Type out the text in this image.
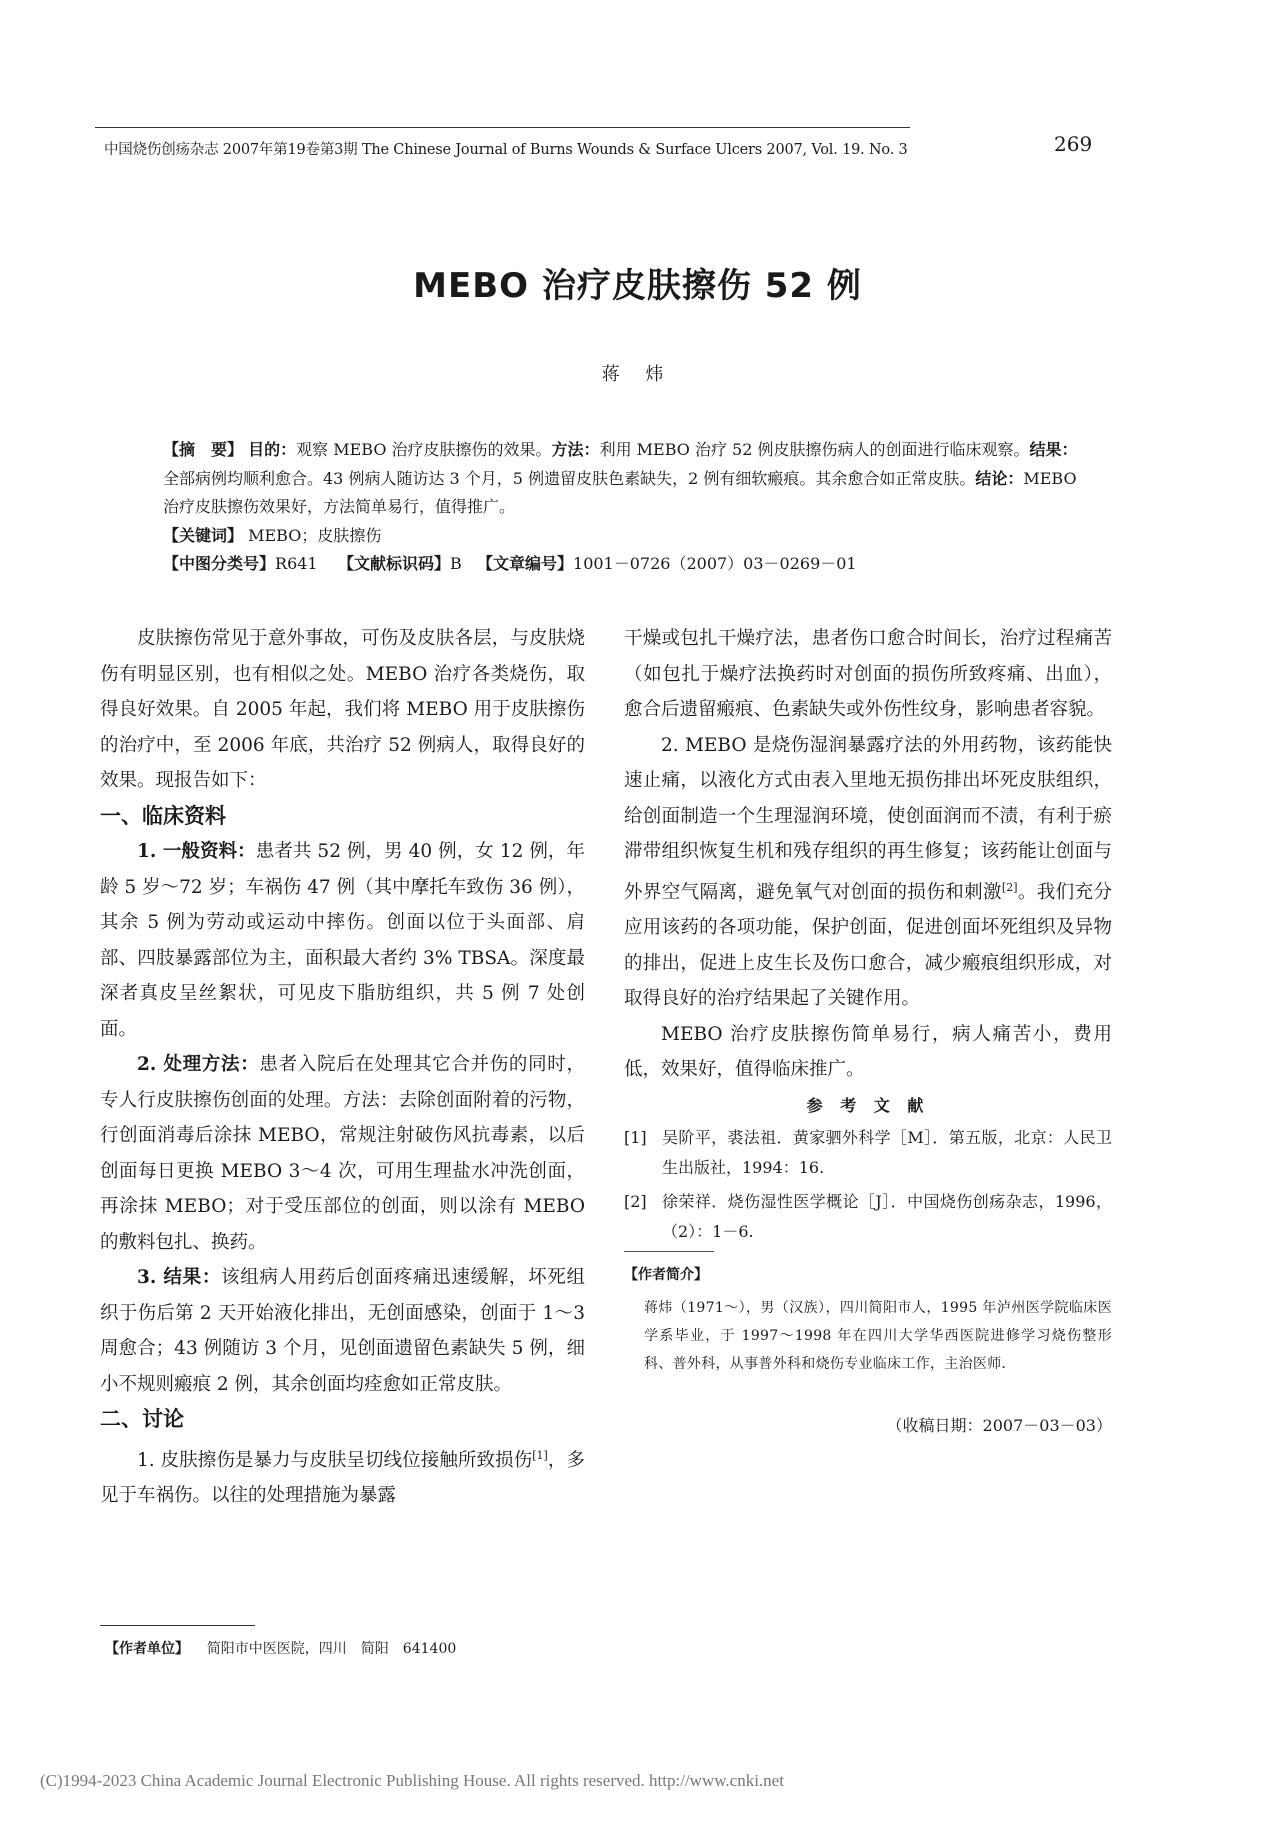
中国烧伤创疡杂志 2007年第19卷第3期 The Chinese Journal of Burns Wounds & Surface Ulcers 2007, Vol. 19. No. 3	269
MEBO 治疗皮肤擦伤 52 例
蒋 炜

【摘　要】 目的：观察 MEBO 治疗皮肤擦伤的效果。方法：利用 MEBO 治疗 52 例皮肤擦伤病人的创面进行临床观察。结果：全部病例均顺利愈合。43 例病人随访达 3 个月，5 例遗留皮肤色素缺失，2 例有细软瘢痕。其余愈合如正常皮肤。结论：MEBO 治疗皮肤擦伤效果好，方法简单易行，值得推广。

【关键词】 MEBO；皮肤擦伤

【中图分类号】R641 【文献标识码】B 【文章编号】1001－0726（2007）03－0269－01

皮肤擦伤常见于意外事故，可伤及皮肤各层，与皮肤烧伤有明显区别，也有相似之处。MEBO 治疗各类烧伤，取得良好效果。自 2005 年起，我们将 MEBO 用于皮肤擦伤的治疗中，至 2006 年底，共治疗 52 例病人，取得良好的效果。现报告如下：

一、临床资料

1. 一般资料：患者共 52 例，男 40 例，女 12 例，年龄 5 岁～72 岁；车祸伤 47 例（其中摩托车致伤 36 例），其余 5 例为劳动或运动中摔伤。创面以位于头面部、肩部、四肢暴露部位为主，面积最大者约 3% TBSA。深度最深者真皮呈丝絮状，可见皮下脂肪组织，共 5 例 7 处创面。

2. 处理方法：患者入院后在处理其它合并伤的同时，专人行皮肤擦伤创面的处理。方法：去除创面附着的污物，行创面消毒后涂抹 MEBO，常规注射破伤风抗毒素，以后创面每日更换 MEBO 3～4 次，可用生理盐水冲洗创面，再涂抹 MEBO；对于受压部位的创面，则以涂有 MEBO 的敷料包扎、换药。

3. 结果：该组病人用药后创面疼痛迅速缓解，坏死组织于伤后第 2 天开始液化排出，无创面感染，创面于 1～3 周愈合；43 例随访 3 个月，见创面遗留色素缺失 5 例，细小不规则瘢痕 2 例，其余创面均痊愈如正常皮肤。

二、讨论

1. 皮肤擦伤是暴力与皮肤呈切线位接触所致损伤[1]，多见于车祸伤。以往的处理措施为暴露

干燥或包扎干燥疗法，患者伤口愈合时间长，治疗过程痛苦（如包扎于燥疗法换药时对创面的损伤所致疼痛、出血），愈合后遗留瘢痕、色素缺失或外伤性纹身，影响患者容貌。

2. MEBO 是烧伤湿润暴露疗法的外用药物，该药能快速止痛，以液化方式由表入里地无损伤排出坏死皮肤组织，给创面制造一个生理湿润环境，使创面润而不渍，有利于瘀滞带组织恢复生机和残存组织的再生修复；该药能让创面与外界空气隔离，避免氧气对创面的损伤和刺激[2]。我们充分应用该药的各项功能，保护创面，促进创面坏死组织及异物的排出，促进上皮生长及伤口愈合，减少瘢痕组织形成，对取得良好的治疗结果起了关键作用。

MEBO 治疗皮肤擦伤简单易行，病人痛苦小，费用低，效果好，值得临床推广。

参 考 文 献

[1] 吴阶平，裘法祖．黄家驷外科学［M］．第五版，北京：人民卫生出版社，1994：16.

[2] 徐荣祥．烧伤湿性医学概论［J］．中国烧伤创疡杂志，1996，（2）：1－6.

【作者简介】

蒋炜（1971～），男（汉族），四川简阳市人，1995 年泸州医学院临床医学系毕业，于 1997～1998 年在四川大学华西医院进修学习烧伤整形科、普外科，从事普外科和烧伤专业临床工作，主治医师．

（收稿日期：2007－03－03）

【作者单位】 简阳市中医医院，四川　简阳　641400
(C)1994-2023 China Academic Journal Electronic Publishing House. All rights reserved. http://www.cnki.net
